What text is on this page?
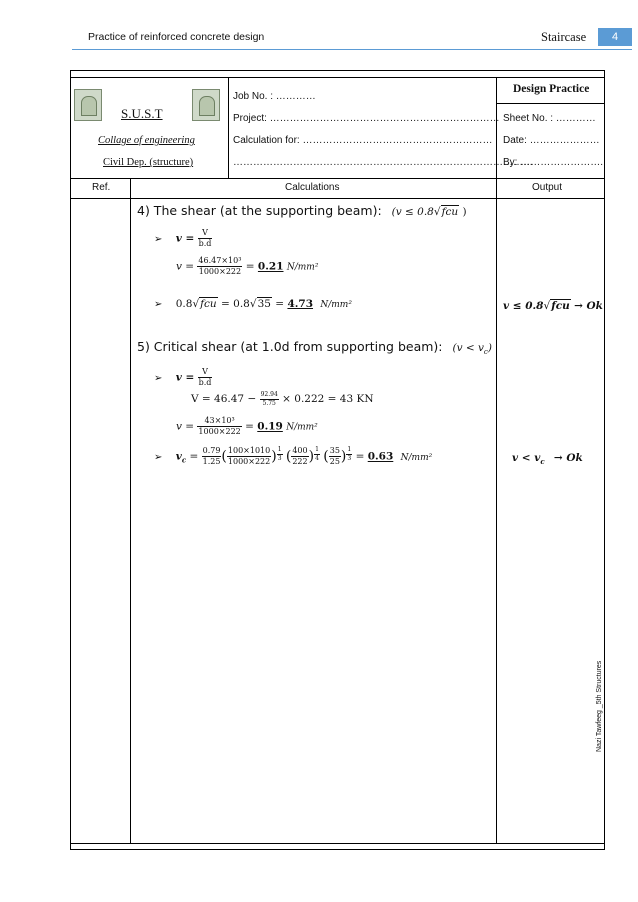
Practice of reinforced concrete design	Staircase	4
S.U.S.T
Collage of engineering
Civil Dep. (structure)
Job No. : …………
Project: ……………………………………………………………
Calculation for: …………………………………………………
………………………………………………………………………………
Design Practice
Sheet No. : …………
Date: …………………
By: …………………….
Ref.	Calculations	Output
4) The shear (at the supporting beam): (v ≤ 0.8√fcu )
➢ $v = \frac{V}{b.d}$
$v = \frac{\text{46.47×10³}}{1000\times 222} = 0.21$ N/mm²
➢ 0.8√fcu = 0.8√35 = 4.73 N/mm²	v ≤ 0.8√fcu → Ok
5) Critical shear (at 1.0d from supporting beam): $(v < v_c)$
➢ $v = \frac{V}{b.d}$
$V = 46.47 - \frac{92.94}{5.75} \times 0.222 = 43$ KN
$v = \frac{\text{43×10³}}{1000\times 222} = 0.19$ N/mm²
➢ $v_c = \frac{0.79}{1.25}$ ( $\frac{100\times 1010}{1000\times 222}$ ) $\frac{1}{3}$ ( $\frac{400}{222}$ ) $\frac{1}{4}$ ( $\frac{35}{25}$ ) $\frac{1}{3} = 0.63$ N/mm²	$v < v_c \to Ok$
Nazi Tawfeeg _5th Structures
